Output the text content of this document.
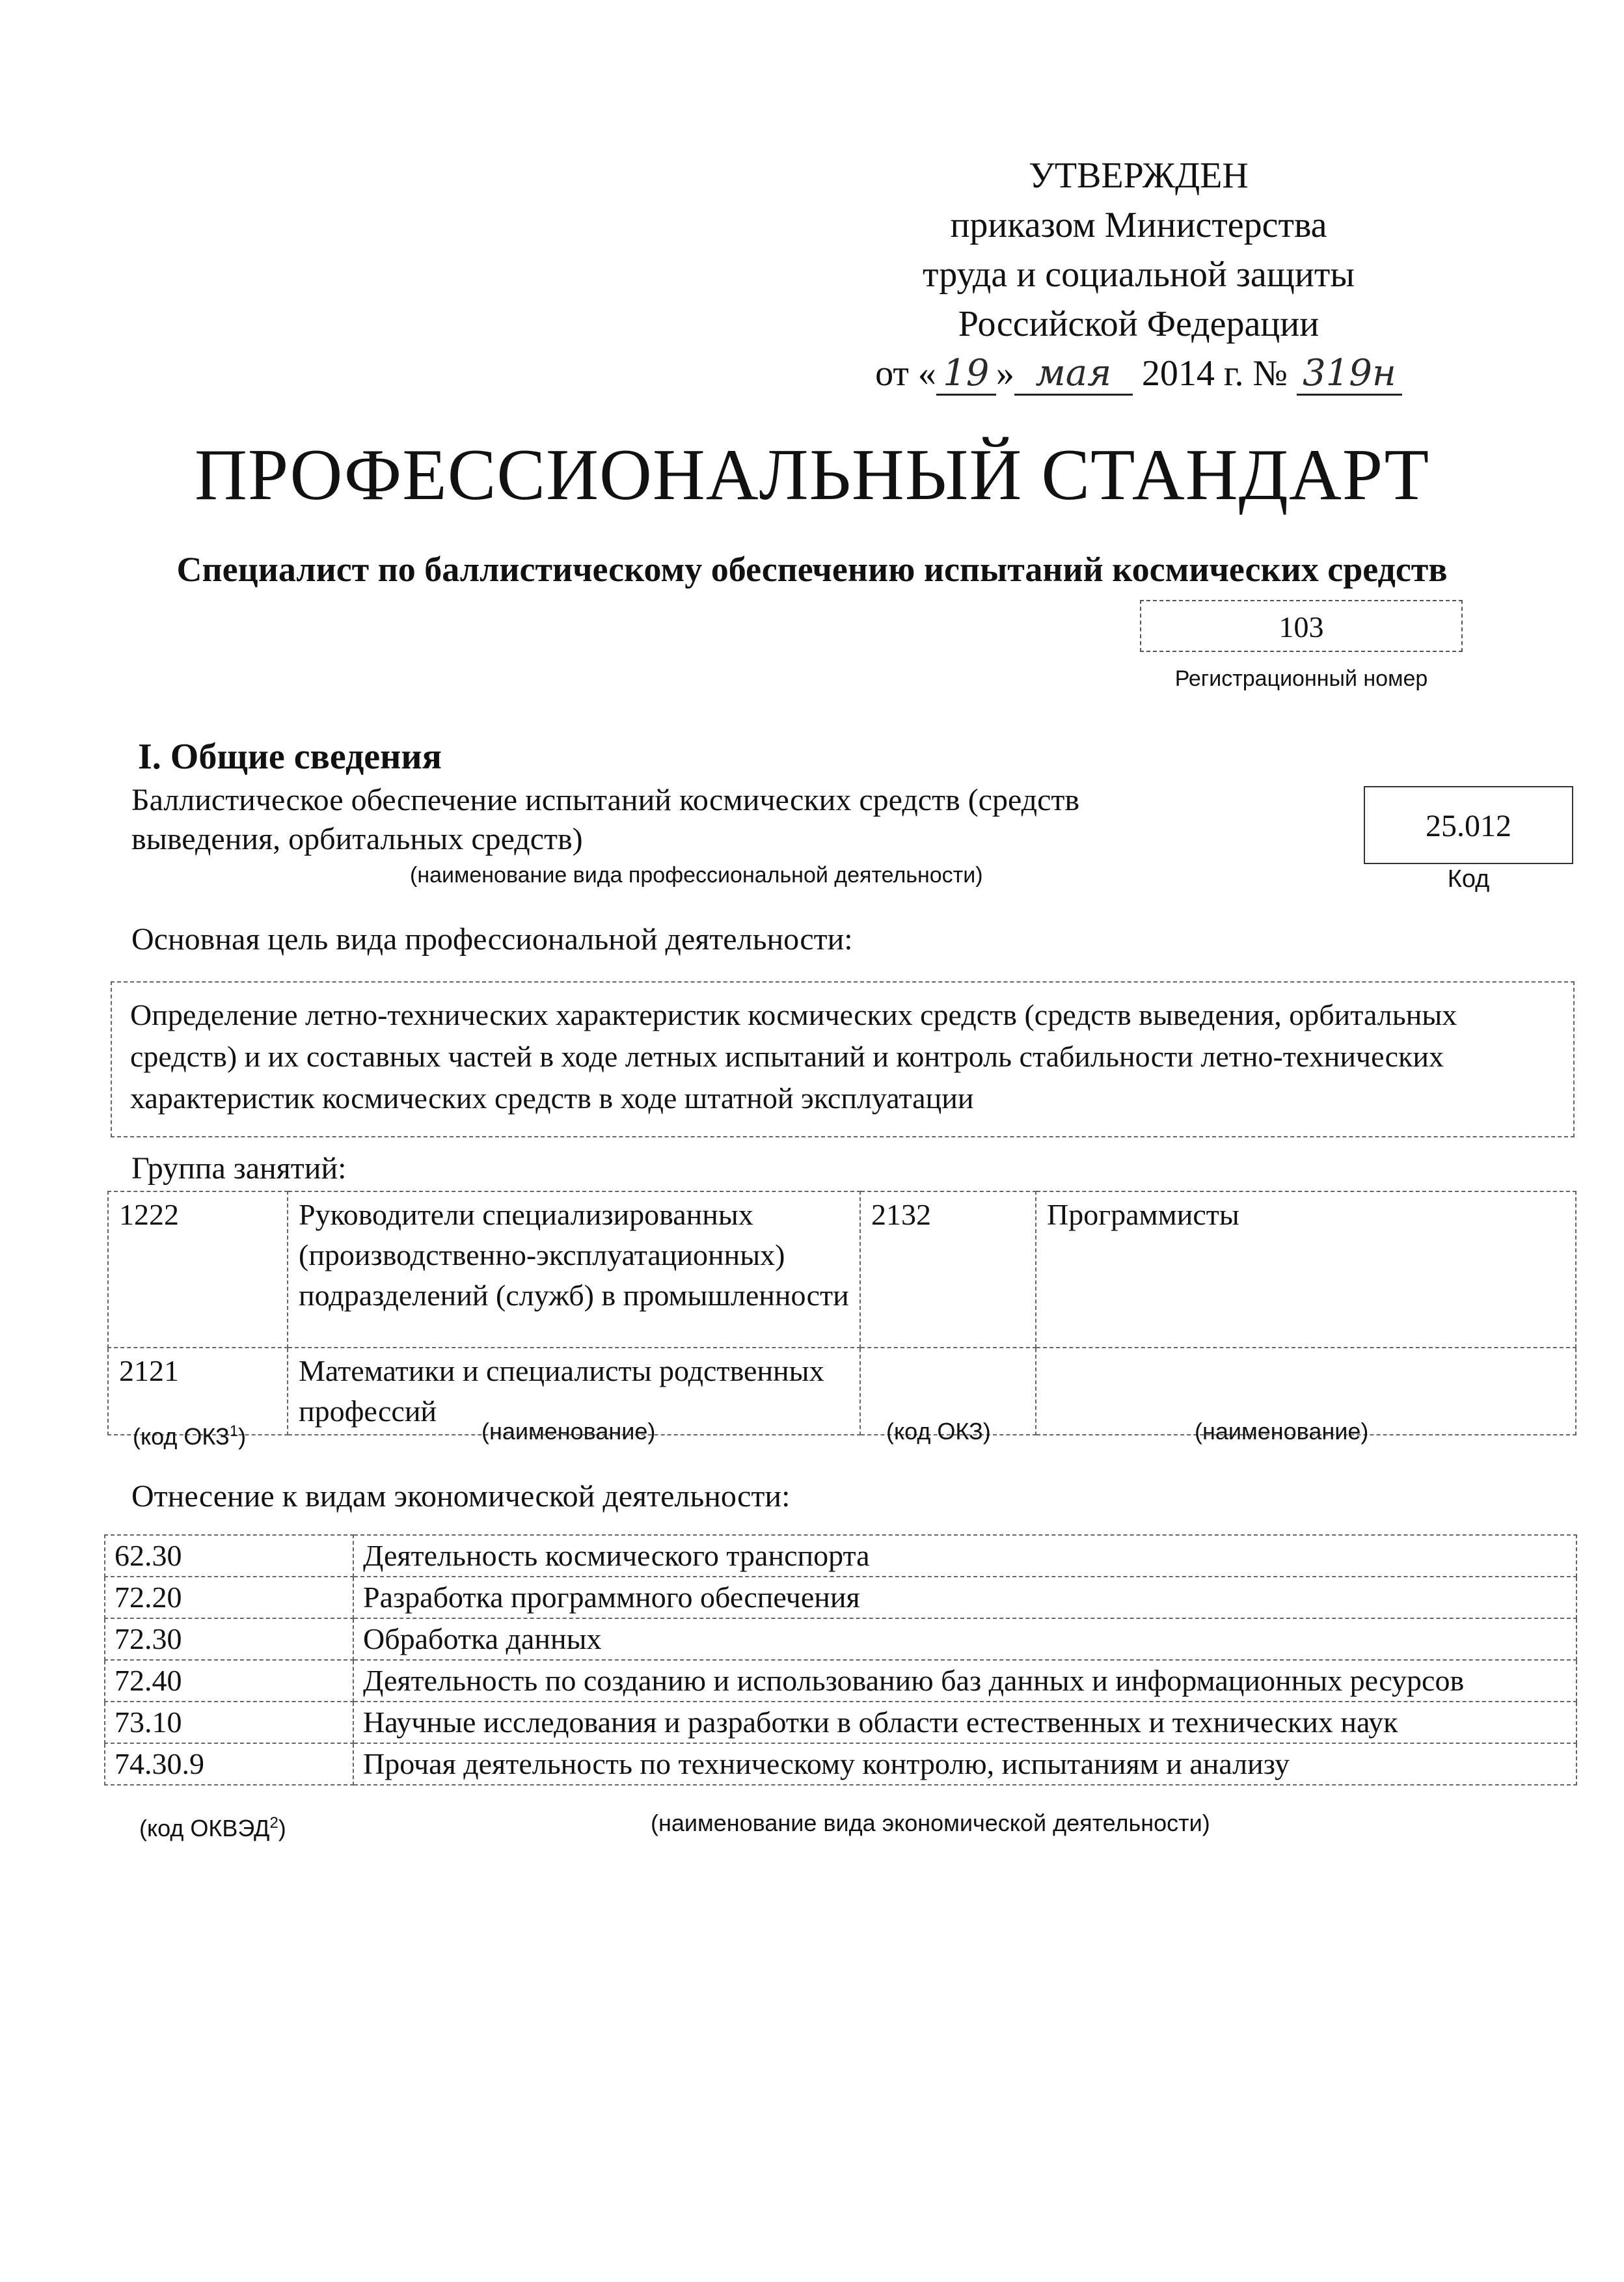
УТВЕРЖДЕН
приказом Министерства
труда и социальной защиты
Российской Федерации
от « 19 » мая 2014 г. № 319н
ПРОФЕССИОНАЛЬНЫЙ СТАНДАРТ
Специалист по баллистическому обеспечению испытаний космических средств
103
Регистрационный номер
I. Общие сведения
Баллистическое обеспечение испытаний космических средств (средств выведения, орбитальных средств)
(наименование вида профессиональной деятельности)
25.012
Код
Основная цель вида профессиональной деятельности:
Определение летно-технических характеристик космических средств (средств выведения, орбитальных средств) и их составных частей в ходе летных испытаний и контроль стабильности летно-технических характеристик космических средств в ходе штатной эксплуатации
Группа занятий:
1222	Руководители специализированных (производственно-эксплуатационных) подразделений (служб) в промышленности	2132	Программисты
2121	Математики и специалисты родственных профессий		
(код ОКЗ$^1$)	(наименование)	(код ОКЗ)	(наименование)
Отнесение к видам экономической деятельности:
62.30	Деятельность космического транспорта
72.20	Разработка программного обеспечения
72.30	Обработка данных
72.40	Деятельность по созданию и использованию баз данных и информационных ресурсов
73.10	Научные исследования и разработки в области естественных и технических наук
74.30.9	Прочая деятельность по техническому контролю, испытаниям и анализу
(код ОКВЭД$^2$)	(наименование вида экономической деятельности)
